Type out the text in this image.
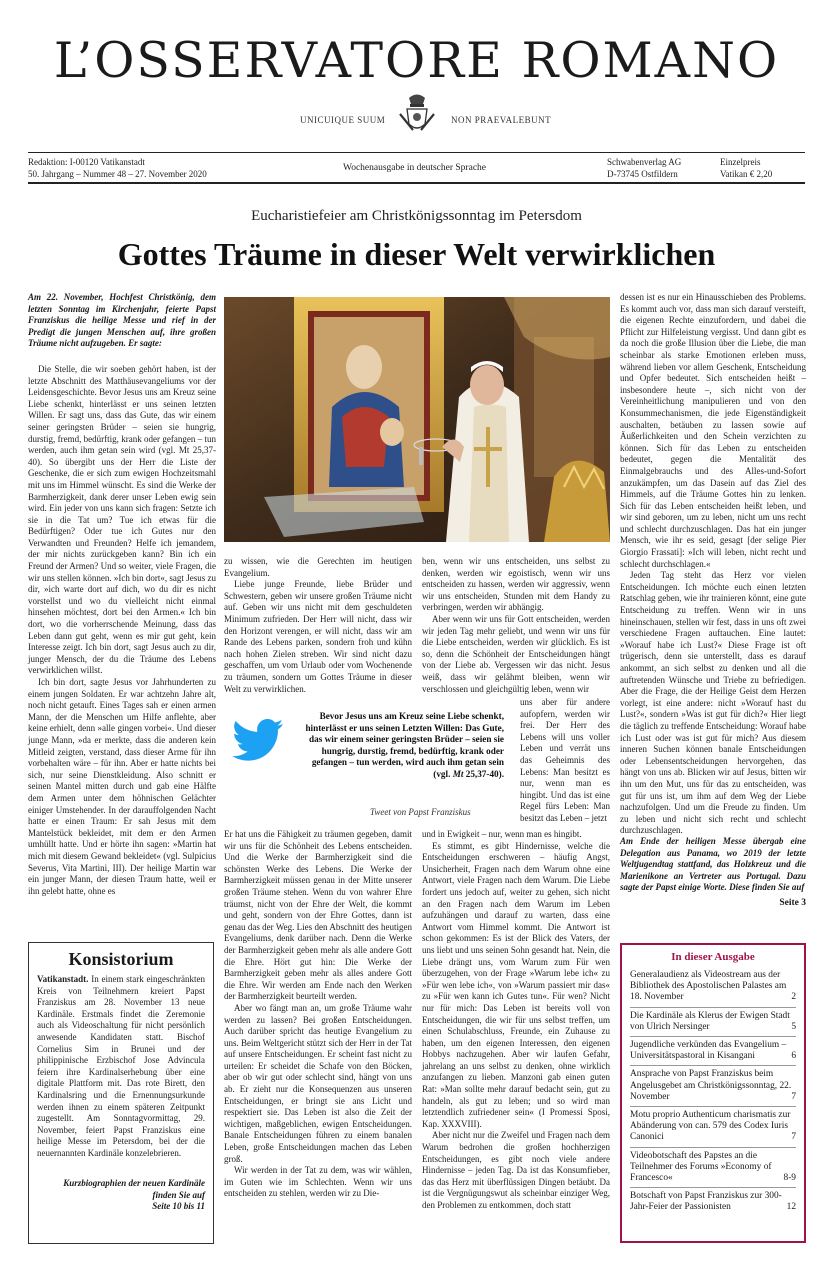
L’OSSERVATORE ROMANO
UNICUIQUE SUUM	NON PRAEVALEBUNT
Redaktion: I-00120 Vatikanstadt
50. Jahrgang – Nummer 48 – 27. November 2020
Wochenausgabe in deutscher Sprache
Schwabenverlag AG
D-73745 Ostfildern
Einzelpreis
Vatikan € 2,20
Eucharistiefeier am Christkönigssonntag im Petersdom
Gottes Träume in dieser Welt verwirklichen
Am 22. November, Hochfest Christkönig, dem letzten Sonntag im Kirchenjahr, feierte Papst Franziskus die heilige Messe und rief in der Predigt die jungen Menschen auf, ihre großen Träume nicht aufzugeben. Er sagte:

Die Stelle, die wir soeben gehört haben, ist der letzte Abschnitt des Matthäusevangeliums vor der Leidensgeschichte. Bevor Jesus uns am Kreuz seine Liebe schenkt, hinterlässt er uns seinen letzten Willen. Er sagt uns, dass das Gute, das wir einem seiner geringsten Brüder – seien sie hungrig, durstig, fremd, bedürftig, krank oder gefangen – tun werden, auch ihm getan sein wird (vgl. Mt 25,37-40). So übergibt uns der Herr die Liste der Geschenke, die er sich zum ewigen Hochzeitsmahl mit uns im Himmel wünscht. Es sind die Werke der Barmherzigkeit, dank derer unser Leben ewig sein wird. Ein jeder von uns kann sich fragen: Setzte ich sie in die Tat um? Tue ich etwas für die Bedürftigen? Oder tue ich Gutes nur den Verwandten und Freunden? Helfe ich jemandem, der mir nichts zurückgeben kann? Bin ich ein Freund der Armen? Und so weiter, viele Fragen, die wir uns stellen können. »Ich bin dort«, sagt Jesus zu dir, »ich warte dort auf dich, wo du dir es nicht vorstellst und wo du vielleicht nicht einmal hinsehen möchtest, dort bei den Armen.« Ich bin dort, wo die vorherrschende Meinung, dass das Leben dann gut geht, wenn es mir gut geht, kein Interesse zeigt. Ich bin dort, sagt Jesus auch zu dir, junger Mensch, der du die Träume des Lebens verwirklichen willst.

Ich bin dort, sagte Jesus vor Jahrhunderten zu einem jungen Soldaten. Er war achtzehn Jahre alt, noch nicht getauft. Eines Tages sah er einen armen Mann, der die Menschen um Hilfe anflehte, aber keine erhielt, denn »alle gingen vorbei«. Und dieser junge Mann, »da er merkte, dass die anderen kein Mitleid zeigten, verstand, dass dieser Arme für ihn vorbehalten wäre – für ihn. Aber er hatte nichts bei sich, nur seine Dienstkleidung. Also schnitt er seinen Mantel mitten durch und gab eine Hälfte dem Armen unter dem höhnischen Gelächter einiger Umstehender. In der darauffolgenden Nacht hatte er einen Traum: Er sah Jesus mit dem Mantelstück bekleidet, mit dem er den Armen umhüllt hatte. Und er hörte ihn sagen: »Martin hat mich mit diesem Gewand bekleidet« (vgl. Sulpicius Severus, Vita Martini, III). Der heilige Martin war ein junger Mann, der diesen Traum hatte, weil er ihn gelebt hatte, ohne es

zu wissen, wie die Gerechten im heutigen Evangelium.

Liebe junge Freunde, liebe Brüder und Schwestern, geben wir unsere großen Träume nicht auf. Geben wir uns nicht mit dem geschuldeten Minimum zufrieden. Der Herr will nicht, dass wir den Horizont verengen, er will nicht, dass wir am Rande des Lebens parken, sondern froh und kühn nach hohen Zielen streben. Wir sind nicht dazu geschaffen, um vom Urlaub oder vom Wochenende zu träumen, sondern um Gottes Träume in dieser Welt zu verwirklichen.

ben, wenn wir uns entscheiden, uns selbst zu denken, werden wir egoistisch, wenn wir uns entscheiden zu hassen, werden wir aggressiv, wenn wir uns entscheiden, Stunden mit dem Handy zu verbringen, werden wir abhängig.

Aber wenn wir uns für Gott entscheiden, werden wir jeden Tag mehr geliebt, und wenn wir uns für die Liebe entscheiden, werden wir glücklich. Es ist so, denn die Schönheit der Entscheidungen hängt von der Liebe ab. Vergessen wir das nicht. Jesus weiß, dass wir gelähmt bleiben, wenn wir verschlossen und gleichgültig leben, wenn wir

uns aber für andere aufopfern, werden wir frei. Der Herr des Lebens will uns voller Leben und verrät uns das Geheimnis des Lebens: Man besitzt es nur, wenn man es hingibt. Und das ist eine Regel fürs Leben: Man besitzt das Leben – jetzt

Bevor Jesus uns am Kreuz seine Liebe schenkt, hinterlässt er uns seinen Letzten Willen: Das Gute, das wir einem seiner geringsten Brüder – seien sie hungrig, durstig, fremd, bedürftig, krank oder gefangen – tun werden, wird auch ihm getan sein (vgl. Mt 25,37-40).
Tweet von Papst Franziskus

Er hat uns die Fähigkeit zu träumen gegeben, damit wir uns für die Schönheit des Lebens entscheiden. Und die Werke der Barmherzigkeit sind die schönsten Werke des Lebens. Die Werke der Barmherzigkeit müssen genau in der Mitte unserer großen Träume stehen. Wenn du von wahrer Ehre träumst, nicht von der Ehre der Welt, die kommt und geht, sondern von der Ehre Gottes, dann ist genau das der Weg. Lies den Abschnitt des heutigen Evangeliums, denk darüber nach. Denn die Werke der Barmherzigkeit geben mehr als alle andere Gott die Ehre. Hört gut hin: Die Werke der Barmherzigkeit geben mehr als alles andere Gott die Ehre. Wir werden am Ende nach den Werken der Barmherzigkeit beurteilt werden.

Aber wo fängt man an, um große Träume wahr werden zu lassen? Bei großen Entscheidungen. Auch darüber spricht das heutige Evangelium zu uns. Beim Weltgericht stützt sich der Herr in der Tat auf unsere Entscheidungen. Er scheint fast nicht zu urteilen: Er scheidet die Schafe von den Böcken, aber ob wir gut oder schlecht sind, hängt von uns ab. Er zieht nur die Konsequenzen aus unseren Entscheidungen, er bringt sie ans Licht und respektiert sie. Das Leben ist also die Zeit der wichtigen, maßgeblichen, ewigen Entscheidungen. Banale Entscheidungen führen zu einem banalen Leben, große Entscheidungen machen das Leben groß.

Wir werden in der Tat zu dem, was wir wählen, im Guten wie im Schlechten. Wenn wir uns entscheiden zu stehlen, werden wir zu Die-

und in Ewigkeit – nur, wenn man es hingibt.

Es stimmt, es gibt Hindernisse, welche die Entscheidungen erschweren – häufig Angst, Unsicherheit, Fragen nach dem Warum ohne eine Antwort, viele Fragen nach dem Warum. Die Liebe fordert uns jedoch auf, weiter zu gehen, sich nicht an den Fragen nach dem Warum im Leben aufzuhängen und darauf zu warten, dass eine Antwort vom Himmel kommt. Die Antwort ist schon gekommen: Es ist der Blick des Vaters, der uns liebt und uns seinen Sohn gesandt hat. Nein, die Liebe drängt uns, vom Warum zum Für wen überzugehen, von der Frage »Warum lebe ich« zu »Für wen lebe ich«, von »Warum passiert mir das« zu »Für wen kann ich Gutes tun«. Für wen? Nicht nur für mich: Das Leben ist bereits voll von Entscheidungen, die wir für uns selbst treffen, um einen Schulabschluss, Freunde, ein Zuhause zu haben, um den eigenen Interessen, den eigenen Hobbys nachzugehen. Aber wir laufen Gefahr, jahrelang an uns selbst zu denken, ohne wirklich anzufangen zu lieben. Manzoni gab einen guten Rat: »Man sollte mehr darauf bedacht sein, gut zu handeln, als gut zu leben; und so wird man letztendlich zufriedener sein« (I Promessi Sposi, Kap. XXXVIII).

Aber nicht nur die Zweifel und Fragen nach dem Warum bedrohen die großen hochherzigen Entscheidungen, es gibt noch viele andere Hindernisse – jeden Tag. Da ist das Konsumfieber, das das Herz mit überflüssigen Dingen betäubt. Da ist die Vergnügungswut als scheinbar einziger Weg, den Problemen zu entkommen, doch statt

dessen ist es nur ein Hinausschieben des Problems. Es kommt auch vor, dass man sich darauf versteift, die eigenen Rechte einzufordern, und dabei die Pflicht zur Hilfeleistung vergisst. Und dann gibt es da noch die große Illusion über die Liebe, die man scheinbar als starke Emotionen erleben muss, während lieben vor allem Geschenk, Entscheidung und Opfer bedeutet. Sich entscheiden heißt – insbesondere heute –, sich nicht von der Vereinheitlichung manipulieren und von den Konsummechanismen, die jede Eigenständigkeit auschalten, betäuben zu lassen sowie auf Äußerlichkeiten und den Schein verzichten zu können. Sich für das Leben zu entscheiden bedeutet, gegen die Mentalität des Einmalgebrauchs und des Alles-und-Sofort anzukämpfen, um das Dasein auf das Ziel des Himmels, auf die Träume Gottes hin zu lenken. Sich für das Leben entscheiden heißt leben, und wir sind geboren, um zu leben, nicht um uns recht und schlecht durchzuschlagen. Das hat ein junger Mensch, wie ihr es seid, gesagt [der selige Pier Giorgio Frassati]: »Ich will leben, nicht recht und schlecht durchschlagen.«

Jeden Tag steht das Herz vor vielen Entscheidungen. Ich möchte euch einen letzten Ratschlag geben, wie ihr trainieren könnt, eine gute Entscheidung zu treffen. Wenn wir in uns hineinschauen, stellen wir fest, dass in uns oft zwei verschiedene Fragen auftauchen. Eine lautet: »Worauf habe ich Lust?« Diese Frage ist oft trügerisch, denn sie unterstellt, dass es darauf ankommt, an sich selbst zu denken und all die auftretenden Wünsche und Triebe zu befriedigen. Aber die Frage, die der Heilige Geist dem Herzen vorlegt, ist eine andere: nicht »Worauf hast du Lust?«, sondern »Was ist gut für dich?« Hier liegt die täglich zu treffende Entscheidung: Worauf habe ich Lust oder was ist gut für mich? Aus diesem inneren Suchen können banale Entscheidungen oder Lebensentscheidungen hervorgehen, das hängt von uns ab. Blicken wir auf Jesus, bitten wir ihn um den Mut, uns für das zu entscheiden, was gut für uns ist, um ihm auf dem Weg der Liebe nachzufolgen. Und um die Freude zu finden. Um zu leben und nicht sich recht und schlecht durchzuschlagen.

Am Ende der heiligen Messe übergab eine Delegation aus Panama, wo 2019 der letzte Weltjugendtag stattfand, das Holzkreuz und die Marienikone an Vertreter aus Portugal. Dazu sagte der Papst einige Worte. Diese finden Sie auf
Seite 3
Konsistorium
Vatikanstadt. In einem stark eingeschränkten Kreis von Teilnehmern kreiert Papst Franziskus am 28. November 13 neue Kardinäle. Erstmals findet die Zeremonie auch als Videoschaltung für nicht persönlich anwesende Kandidaten statt. Bischof Cornelius Sim in Brunei und der philippinische Erzbischof Jose Advincula feiern ihre Kardinalserhebung über eine digitale Plattform mit. Das rote Birett, den Kardinalsring und die Ernennungsurkunde werden ihnen zu einem späteren Zeitpunkt zugestellt. Am Sonntagvormittag, 29. November, feiert Papst Franziskus eine heilige Messe im Petersdom, bei der die neuernannten Kardinäle konzelebrieren.
Kurzbiographien der neuen Kardinäle finden Sie auf
Seite 10 bis 11
In dieser Ausgabe
Generalaudienz als Videostream aus der Bibliothek des Apostolischen Palastes am 18. November	2
Die Kardinäle als Klerus der Ewigen Stadt von Ulrich Nersinger	5
Jugendliche verkünden das Evangelium – Universitätspastoral in Kisangani	6
Ansprache von Papst Franziskus beim Angelusgebet am Christkönigssonntag, 22. November	7
Motu proprio Authenticum charismatis zur Abänderung von can. 579 des Codex Iuris Canonici	7
Videobotschaft des Papstes an die Teilnehmer des Forums »Economy of Francesco«	8-9
Botschaft von Papst Franziskus zur 300-Jahr-Feier der Passionisten	12
